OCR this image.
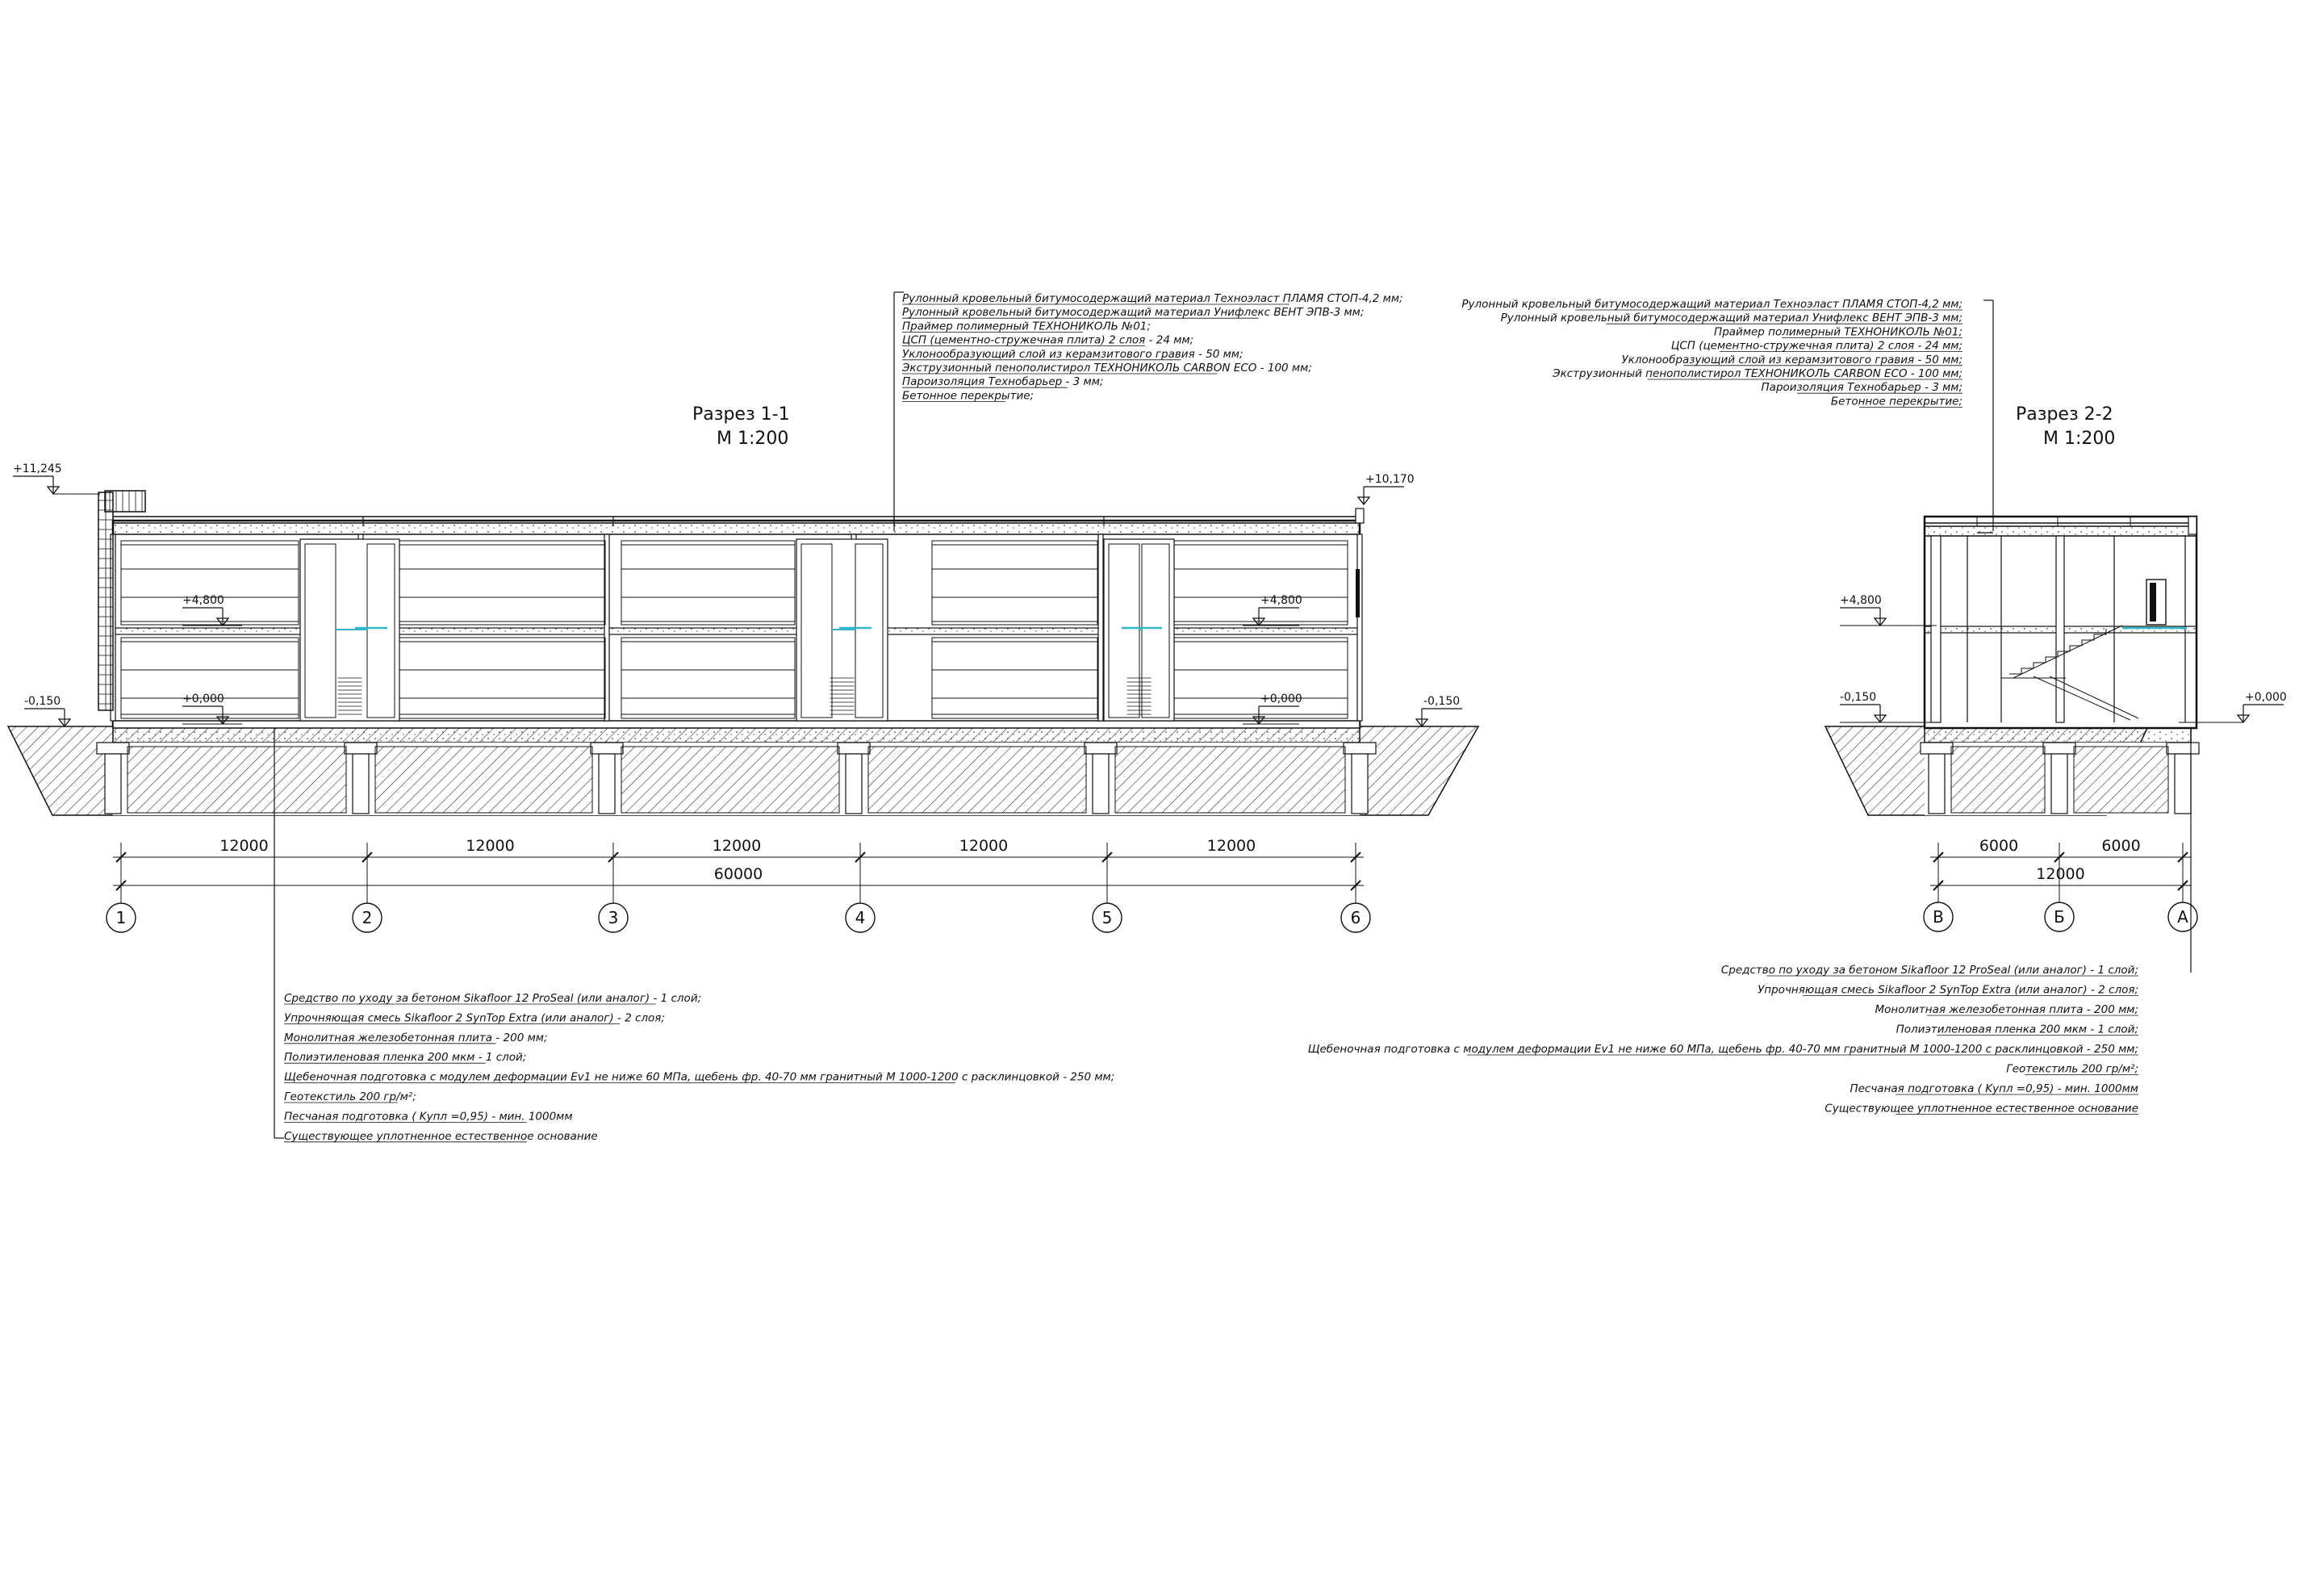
+11,245
+10,170
+4,800	+4,800
+0,000	+0,000
-0,150	-0,150
12000	12000	12000	12000	12000
60000
1	2	3	4	5	6
+4,800
-0,150	+0,000
6000	6000
12000
В	Б	А
Разрез 1-1
М 1:200
Разрез 2-2
М 1:200
Рулонный кровельный битумосодержащий материал Техноэласт ПЛАМЯ СТОП-4,2 мм;
Рулонный кровельный битумосодержащий материал Унифлекс ВЕНТ ЭПВ-3 мм;
Праймер полимерный ТЕХНОНИКОЛЬ №01;
ЦСП (цементно-стружечная плита) 2 слоя - 24 мм;
Уклонообразующий слой из керамзитового гравия - 50 мм;
Экструзионный пенополистирол ТЕХНОНИКОЛЬ CARBON ECO - 100 мм;
Пароизоляция Технобарьер - 3 мм;
Бетонное перекрытие;
Средство по уходу за бетоном Sikafloor 12 ProSeal (или аналог) - 1 слой;
Упрочняющая смесь Sikafloor 2 SynTop Extra (или аналог) - 2 слоя;
Монолитная железобетонная плита - 200 мм;
Полиэтиленовая пленка 200 мкм - 1 слой;
Щебеночная подготовка с модулем деформации Ev1 не ниже 60 МПа, щебень фр. 40-70 мм гранитный М 1000-1200 с расклинцовкой - 250 мм;
Геотекстиль 200 гр/м²;
Песчаная подготовка ( Kупл =0,95) - мин. 1000мм
Существующее уплотненное естественное основание
Рулонный кровельный битумосодержащий материал Техноэласт ПЛАМЯ СТОП-4,2 мм;
Рулонный кровельный битумосодержащий материал Унифлекс ВЕНТ ЭПВ-3 мм;
Праймер полимерный ТЕХНОНИКОЛЬ №01;
ЦСП (цементно-стружечная плита) 2 слоя - 24 мм;
Уклонообразующий слой из керамзитового гравия - 50 мм;
Экструзионный пенополистирол ТЕХНОНИКОЛЬ CARBON ECO - 100 мм;
Пароизоляция Технобарьер - 3 мм;
Бетонное перекрытие;
Средство по уходу за бетоном Sikafloor 12 ProSeal (или аналог) - 1 слой;
Упрочняющая смесь Sikafloor 2 SynTop Extra (или аналог) - 2 слоя;
Монолитная железобетонная плита - 200 мм;
Полиэтиленовая пленка 200 мкм - 1 слой;
Щебеночная подготовка с модулем деформации Ev1 не ниже 60 МПа, щебень фр. 40-70 мм гранитный М 1000-1200 с расклинцовкой - 250 мм;
Геотекстиль 200 гр/м²;
Песчаная подготовка ( Kупл =0,95) - мин. 1000мм
Существующее уплотненное естественное основание
